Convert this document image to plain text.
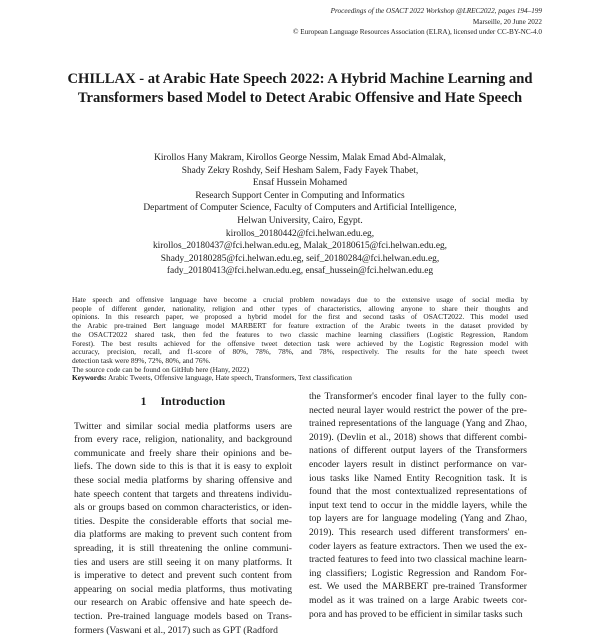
Proceedings of the OSACT 2022 Workshop @LREC2022, pages 194–199
Marseille, 20 June 2022
© European Language Resources Association (ELRA), licensed under CC-BY-NC-4.0
CHILLAX - at Arabic Hate Speech 2022: A Hybrid Machine Learning and Transformers based Model to Detect Arabic Offensive and Hate Speech
Kirollos Hany Makram, Kirollos George Nessim, Malak Emad Abd-Almalak,
Shady Zekry Roshdy, Seif Hesham Salem, Fady Fayek Thabet,
Ensaf Hussein Mohamed
Research Support Center in Computing and Informatics
Department of Computer Science, Faculty of Computers and Artificial Intelligence,
Helwan University, Cairo, Egypt.
kirollos_20180442@fci.helwan.edu.eg,
kirollos_20180437@fci.helwan.edu.eg, Malak_20180615@fci.helwan.edu.eg,
Shady_20180285@fci.helwan.edu.eg, seif_20180284@fci.helwan.edu.eg,
fady_20180413@fci.helwan.edu.eg, ensaf_hussein@fci.helwan.edu.eg
Hate speech and offensive language have become a crucial problem nowadays due to the extensive usage of social media by
people of different gender, nationality, religion and other types of characteristics, allowing anyone to share their thoughts and
opinions. In this research paper, we proposed a hybrid model for the first and second tasks of OSACT2022. This model used
the Arabic pre-trained Bert language model MARBERT for feature extraction of the Arabic tweets in the dataset provided by
the OSACT2022 shared task, then fed the features to two classic machine learning classifiers (Logistic Regression, Random
Forest). The best results achieved for the offensive tweet detection task were achieved by the Logistic Regression model with
accuracy, precision, recall, and f1-score of 80%, 78%, 78%, and 78%, respectively. The results for the hate speech tweet
detection task were 89%, 72%, 80%, and 76%.
The source code can be found on GitHub here (Hany, 2022)
Keywords: Arabic Tweets, Offensive language, Hate speech, Transformers, Text classification
1 Introduction
Twitter and similar social media platforms users are
from every race, religion, nationality, and background
communicate and freely share their opinions and be-
liefs. The down side to this is that it is easy to exploit
these social media platforms by sharing offensive and
hate speech content that targets and threatens individu-
als or groups based on common characteristics, or iden-
tities. Despite the considerable efforts that social me-
dia platforms are making to prevent such content from
spreading, it is still threatening the online communi-
ties and users are still seeing it on many platforms. It
is imperative to detect and prevent such content from
appearing on social media platforms, thus motivating
our research on Arabic offensive and hate speech de-
tection. Pre-trained language models based on Trans-
formers (Vaswani et al., 2017) such as GPT (Radford
the Transformer's encoder final layer to the fully con-
nected neural layer would restrict the power of the pre-
trained representations of the language (Yang and Zhao,
2019). (Devlin et al., 2018) shows that different combi-
nations of different output layers of the Transformers
encoder layers result in distinct performance on var-
ious tasks like Named Entity Recognition task. It is
found that the most contextualized representations of
input text tend to occur in the middle layers, while the
top layers are for language modeling (Yang and Zhao,
2019). This research used different transformers' en-
coder layers as feature extractors. Then we used the ex-
tracted features to feed into two classical machine learn-
ing classifiers; Logistic Regression and Random For-
est. We used the MARBERT pre-trained Transformer
model as it was trained on a large Arabic tweets cor-
pora and has proved to be efficient in similar tasks such
